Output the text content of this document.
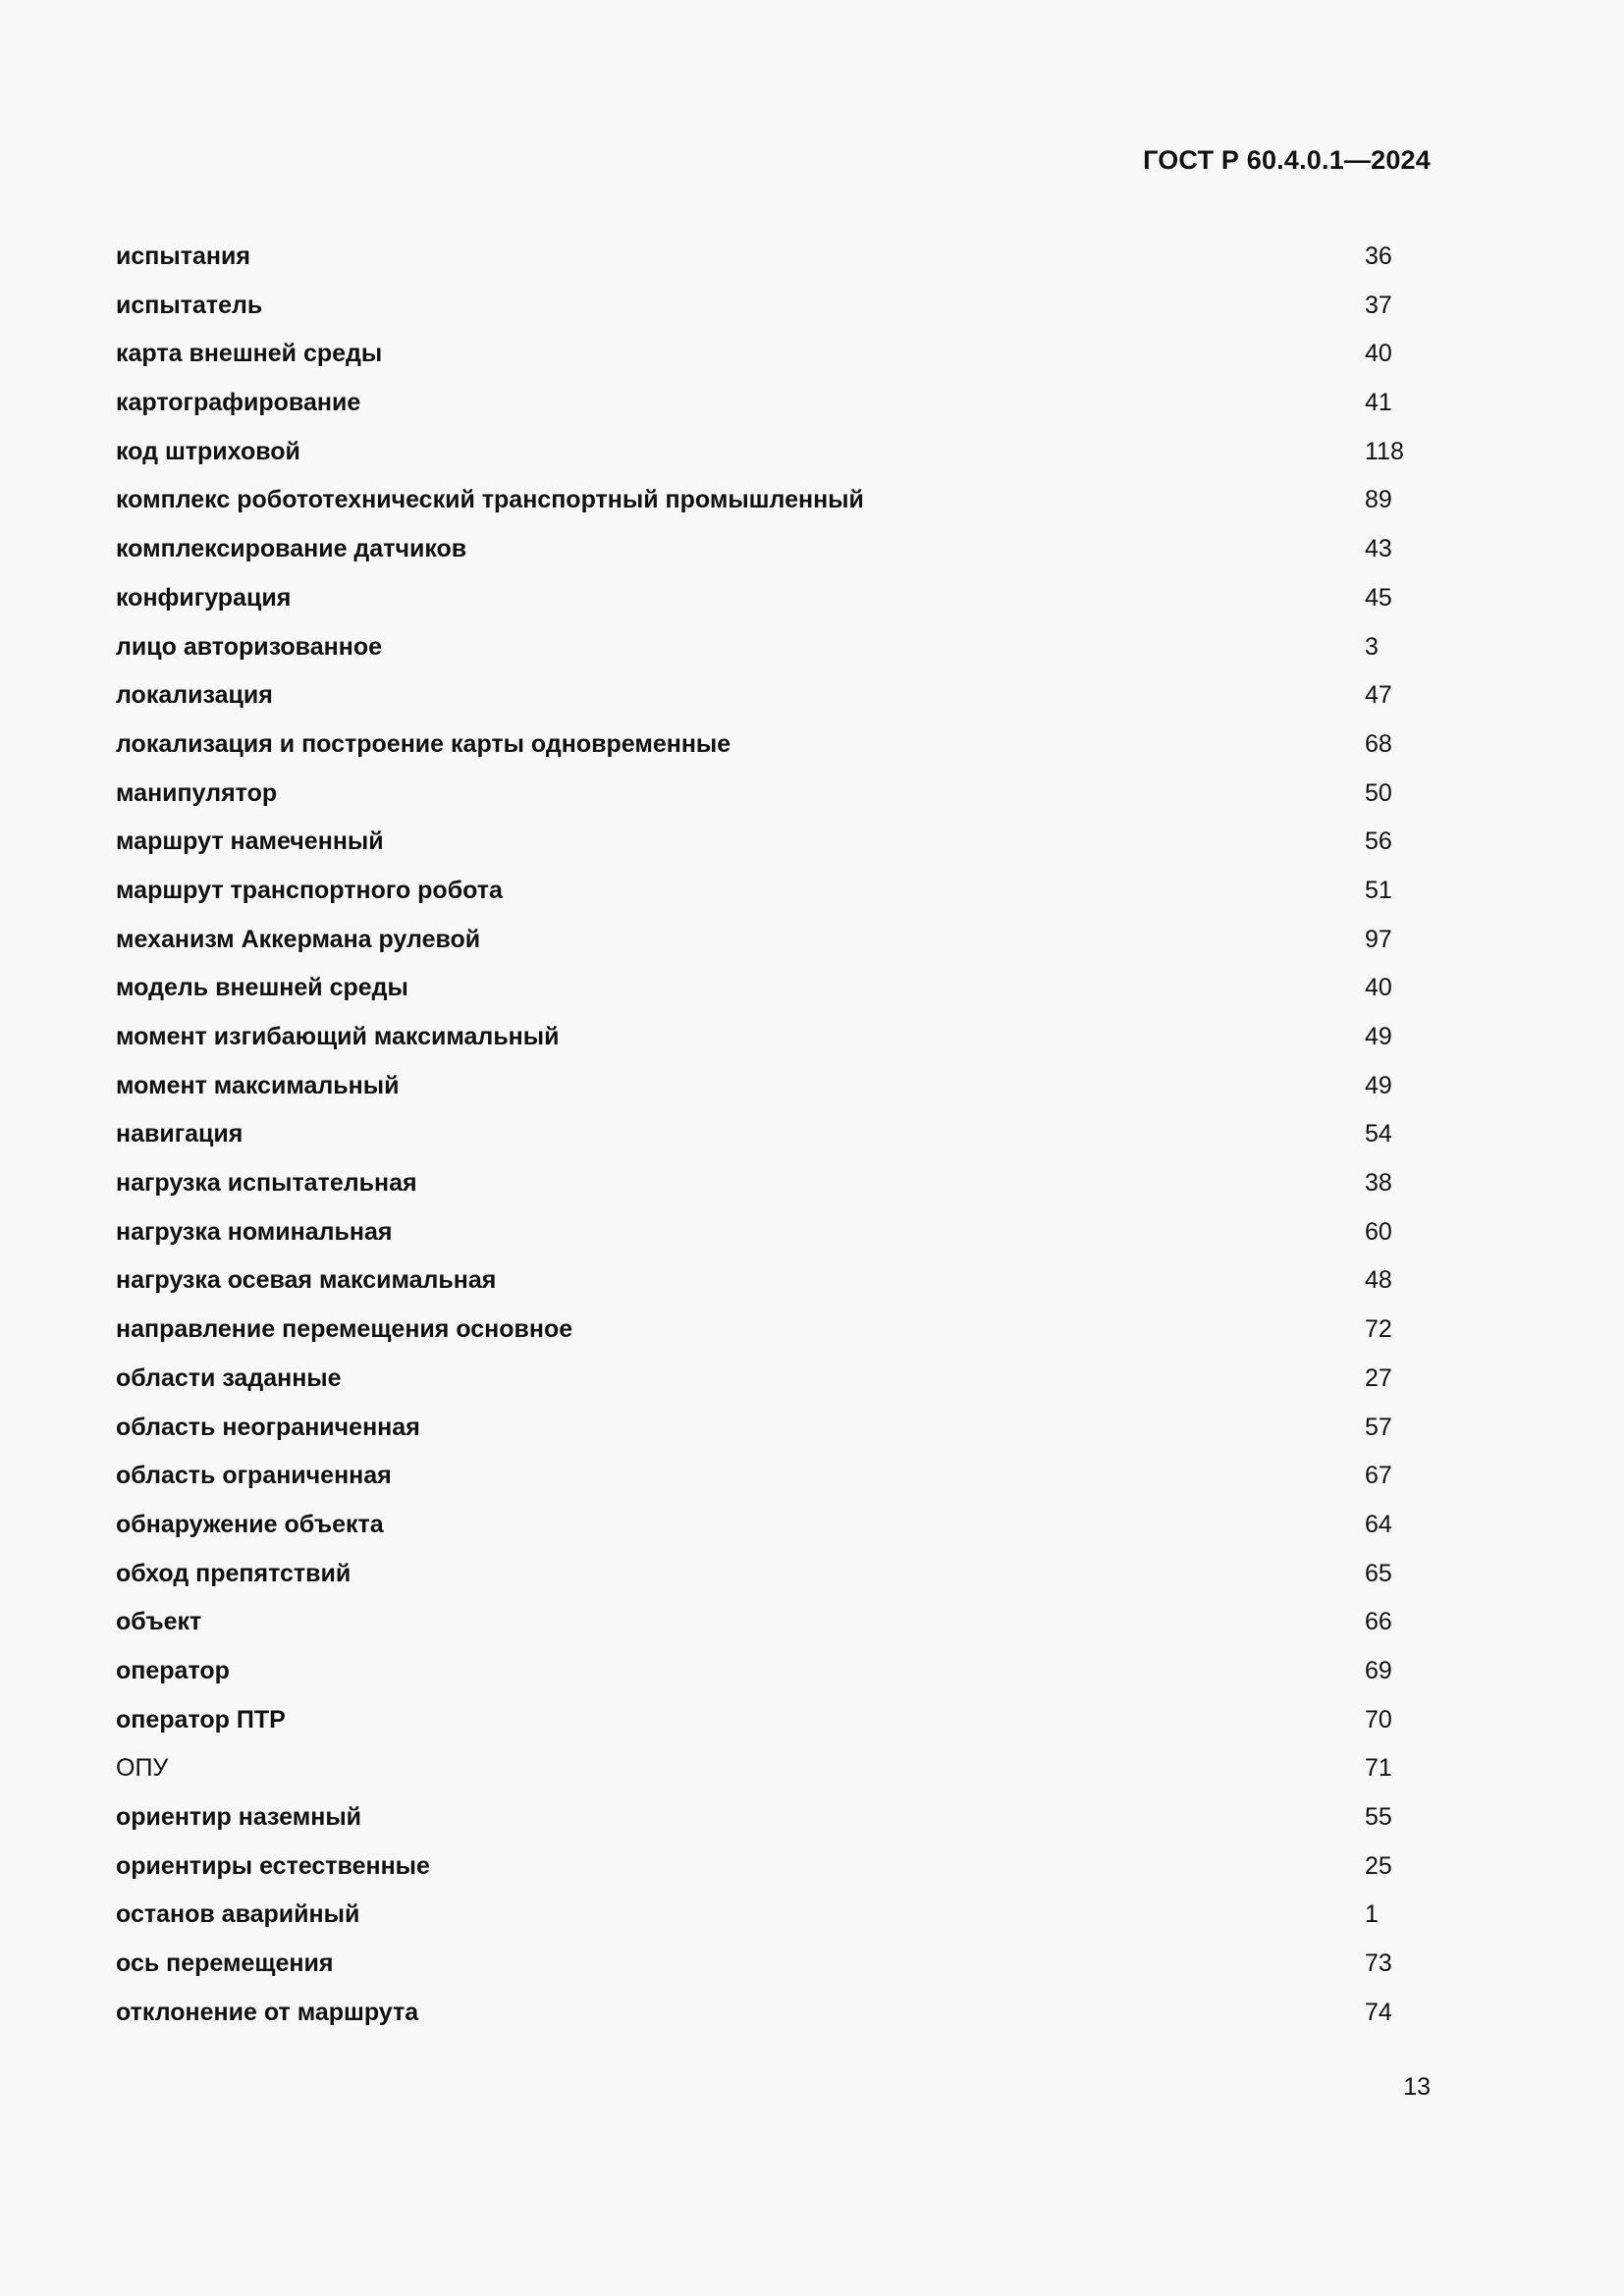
ГОСТ Р 60.4.0.1—2024
испытания	36
испытатель	37
карта внешней среды	40
картографирование	41
код штриховой	118
комплекс робототехнический транспортный промышленный	89
комплексирование датчиков	43
конфигурация	45
лицо авторизованное	3
локализация	47
локализация и построение карты одновременные	68
манипулятор	50
маршрут намеченный	56
маршрут транспортного робота	51
механизм Аккермана рулевой	97
модель внешней среды	40
момент изгибающий максимальный	49
момент максимальный	49
навигация	54
нагрузка испытательная	38
нагрузка номинальная	60
нагрузка осевая максимальная	48
направление перемещения основное	72
области заданные	27
область неограниченная	57
область ограниченная	67
обнаружение объекта	64
обход препятствий	65
объект	66
оператор	69
оператор ПТР	70
ОПУ	71
ориентир наземный	55
ориентиры естественные	25
останов аварийный	1
ось перемещения	73
отклонение от маршрута	74
13
